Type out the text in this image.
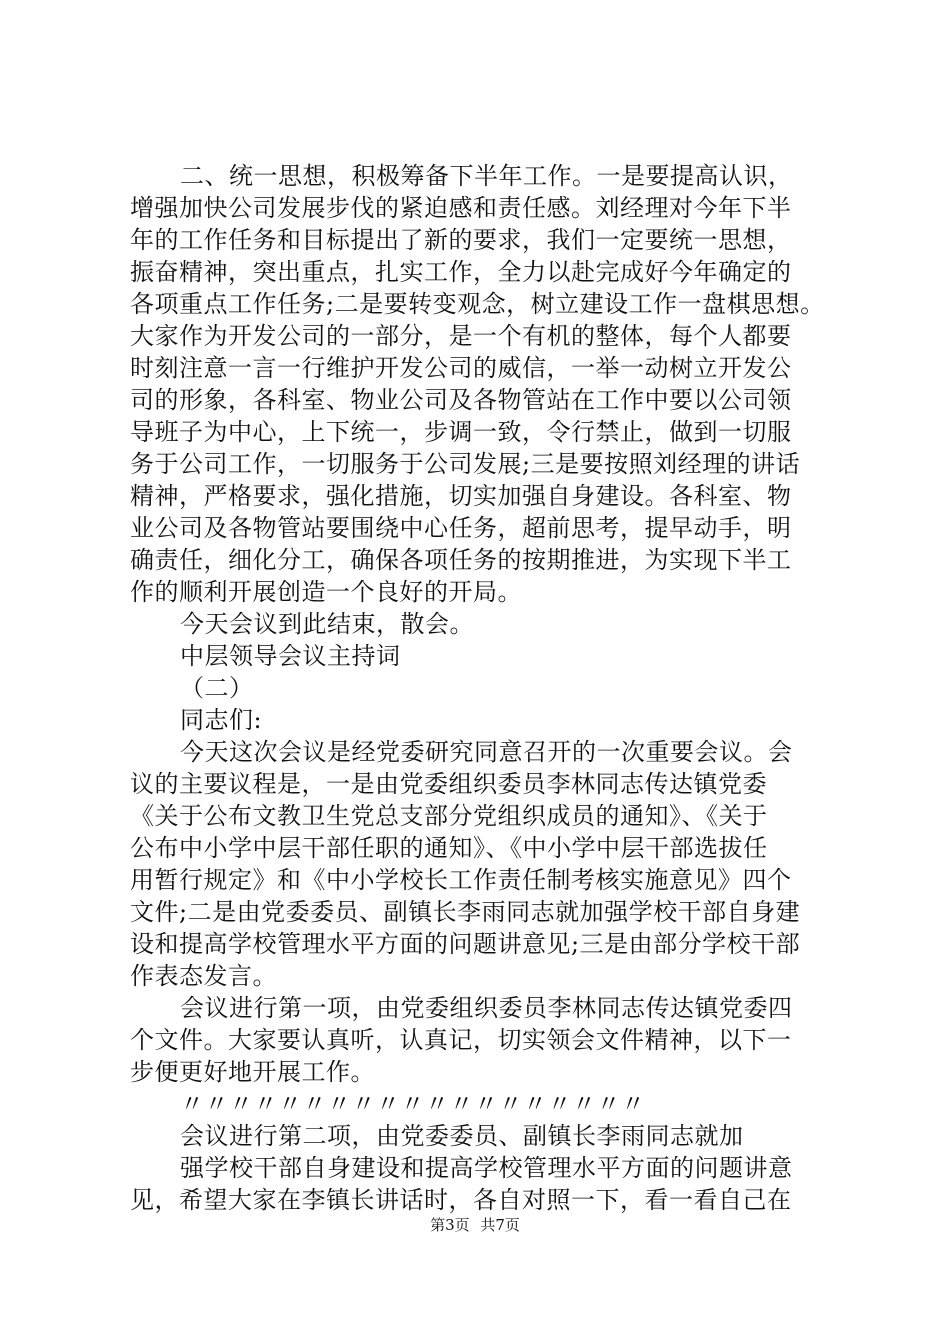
二、统一思想，积极筹备下半年工作。一是要提高认识，
增强加快公司发展步伐的紧迫感和责任感。刘经理对今年下半
年的工作任务和目标提出了新的要求，我们一定要统一思想，
振奋精神，突出重点，扎实工作，全力以赴完成好今年确定的
各项重点工作任务;二是要转变观念，树立建设工作一盘棋思想。
大家作为开发公司的一部分，是一个有机的整体，每个人都要
时刻注意一言一行维护开发公司的威信，一举一动树立开发公
司的形象，各科室、物业公司及各物管站在工作中要以公司领
导班子为中心，上下统一，步调一致，令行禁止，做到一切服
务于公司工作，一切服务于公司发展;三是要按照刘经理的讲话
精神，严格要求，强化措施，切实加强自身建设。各科室、物
业公司及各物管站要围绕中心任务，超前思考，提早动手，明
确责任，细化分工，确保各项任务的按期推进，为实现下半工
作的顺利开展创造一个良好的开局。
今天会议到此结束，散会。
中层领导会议主持词
（二）
同志们:
今天这次会议是经党委研究同意召开的一次重要会议。会
议的主要议程是，一是由党委组织委员李林同志传达镇党委
《关于公布文教卫生党总支部分党组织成员的通知》、《关于
公布中小学中层干部任职的通知》、《中小学中层干部选拔任
用暂行规定》和《中小学校长工作责任制考核实施意见》四个
文件;二是由党委委员、副镇长李雨同志就加强学校干部自身建
设和提高学校管理水平方面的问题讲意见;三是由部分学校干部
作表态发言。
会议进行第一项，由党委组织委员李林同志传达镇党委四
个文件。大家要认真听，认真记，切实领会文件精神，以下一
步便更好地开展工作。
〃〃〃〃〃〃〃〃〃〃〃〃〃〃〃〃〃〃〃
会议进行第二项，由党委委员、副镇长李雨同志就加
强学校干部自身建设和提高学校管理水平方面的问题讲意
见，希望大家在李镇长讲话时，各自对照一下，看一看自己在
第3页 共7页
